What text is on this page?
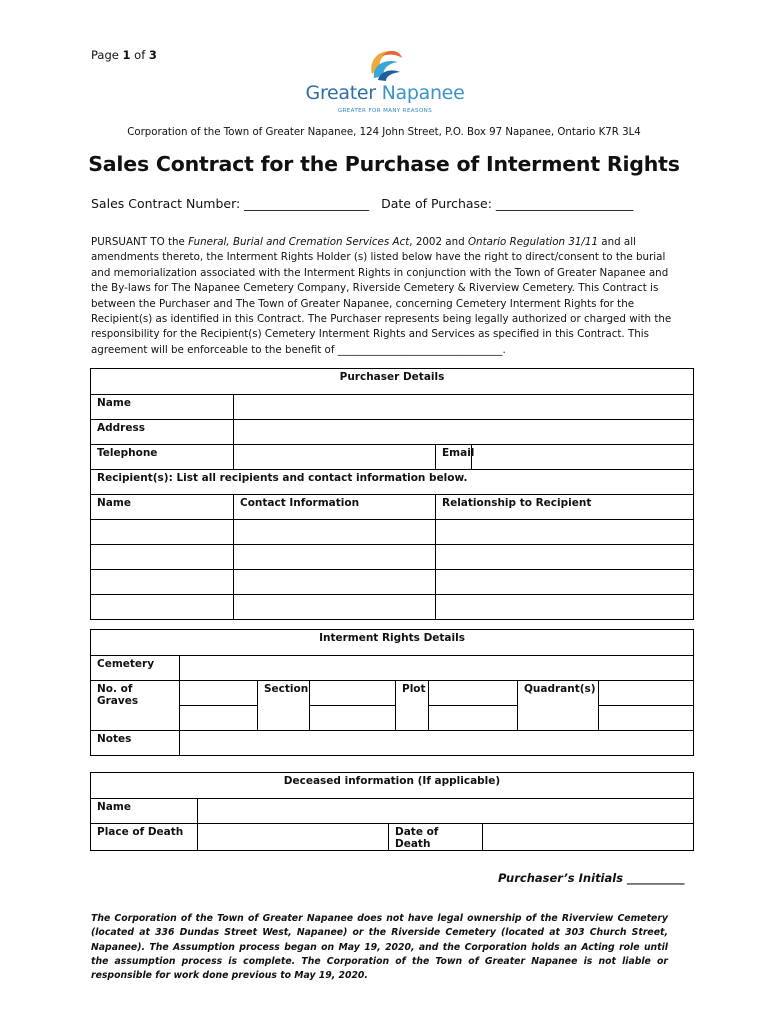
Page 1 of 3
Greater Napanee
GREATER FOR MANY REASONS
Corporation of the Town of Greater Napanee, 124 John Street, P.O. Box 97 Napanee, Ontario K7R 3L4
Sales Contract for the Purchase of Interment Rights
Sales Contract Number: ____________________ Date of Purchase: ______________________
PURSUANT TO the Funeral, Burial and Cremation Services Act, 2002 and Ontario Regulation 31/11 and all amendments thereto, the Interment Rights Holder (s) listed below have the right to direct/consent to the burial and memorialization associated with the Interment Rights in conjunction with the Town of Greater Napanee and the By-laws for The Napanee Cemetery Company, Riverside Cemetery & Riverview Cemetery. This Contract is between the Purchaser and The Town of Greater Napanee, concerning Cemetery Interment Rights for the Recipient(s) as identified in this Contract. The Purchaser represents being legally authorized or charged with the responsibility for the Recipient(s) Cemetery Interment Rights and Services as specified in this Contract. This agreement will be enforceable to the benefit of ________________________________.
Purchaser Details			
Name			
Address			
Telephone		Email	
Recipient(s): List all recipients and contact information below.			
Name	Contact Information	Relationship to Recipient	

Interment Rights Details							
Cemetery							
No. of Graves		Section		Plot		Quadrant(s)	

Notes							
Deceased information (If applicable)			
Name			
Place of Death		Date of Death	
Purchaser’s Initials __________
The Corporation of the Town of Greater Napanee does not have legal ownership of the Riverview Cemetery (located at 336 Dundas Street West, Napanee) or the Riverside Cemetery (located at 303 Church Street, Napanee). The Assumption process began on May 19, 2020, and the Corporation holds an Acting role until the assumption process is complete. The Corporation of the Town of Greater Napanee is not liable or responsible for work done previous to May 19, 2020.
